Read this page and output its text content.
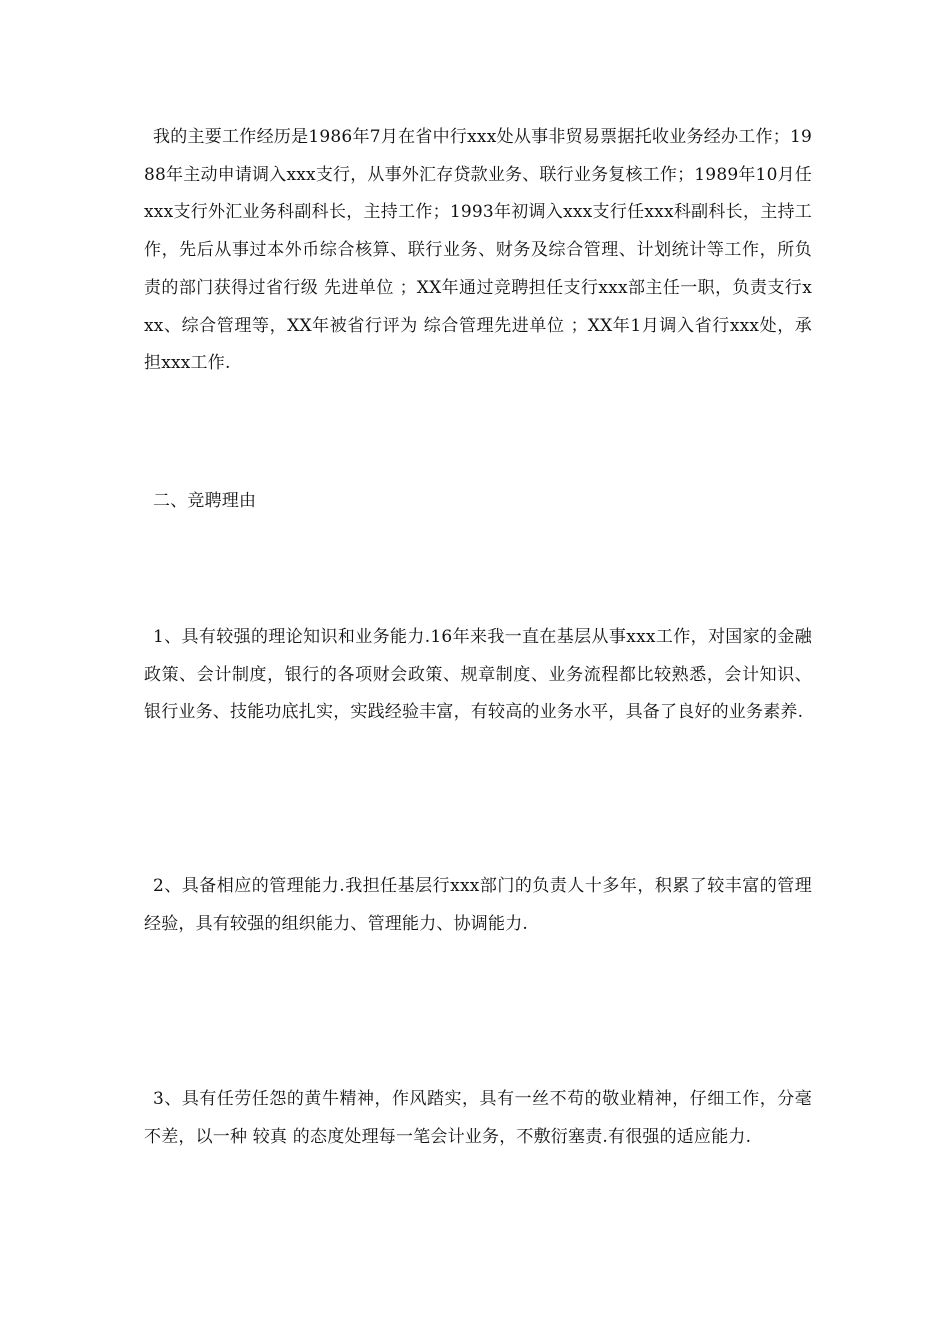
我的主要工作经历是1986年7月在省中行xxx处从事非贸易票据托收业务经办工作；1988年主动申请调入xxx支行，从事外汇存贷款业务、联行业务复核工作；1989年10月任xxx支行外汇业务科副科长，主持工作；1993年初调入xxx支行任xxx科副科长，主持工作，先后从事过本外币综合核算、联行业务、财务及综合管理、计划统计等工作，所负责的部门获得过省行级 先进单位 ；XX年通过竞聘担任支行xxx部主任一职，负责支行xxx、综合管理等，XX年被省行评为 综合管理先进单位 ；XX年1月调入省行xxx处，承担xxx工作.

二、竞聘理由

1、具有较强的理论知识和业务能力.16年来我一直在基层从事xxx工作，对国家的金融政策、会计制度，银行的各项财会政策、规章制度、业务流程都比较熟悉，会计知识、银行业务、技能功底扎实，实践经验丰富，有较高的业务水平，具备了良好的业务素养.

2、具备相应的管理能力.我担任基层行xxx部门的负责人十多年，积累了较丰富的管理经验，具有较强的组织能力、管理能力、协调能力.

3、具有任劳任怨的黄牛精神，作风踏实，具有一丝不苟的敬业精神，仔细工作，分毫不差，以一种 较真 的态度处理每一笔会计业务，不敷衍塞责.有很强的适应能力.
